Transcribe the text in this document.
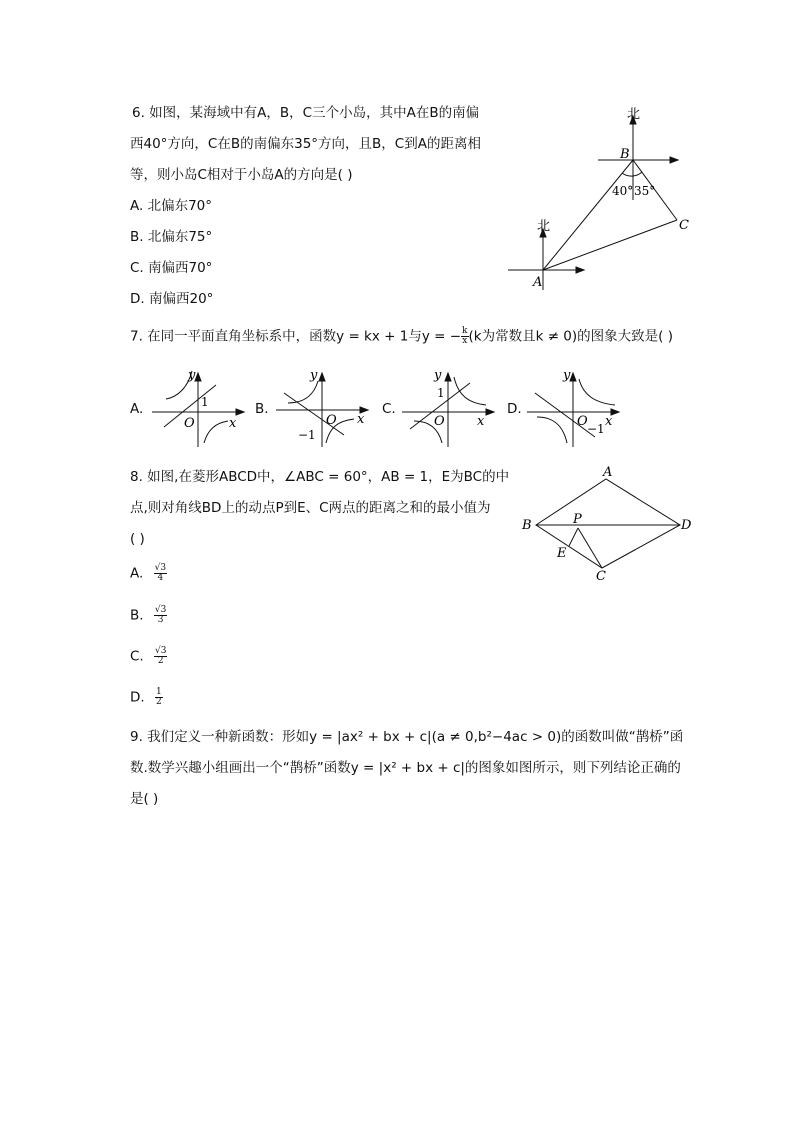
6. 如图，某海域中有A，B，C三个小岛，其中A在B的南偏
西40°方向，C在B的南偏东35°方向，且B，C到A的距离相
等，则小岛C相对于小岛A的方向是( )
A. 北偏东70°
B. 北偏东75°
C. 南偏西70°
D. 南偏西20°
北
北
B
A
C
40° 35°
7. 在同一平面直角坐标系中，函数y = kx + 1与y = − $\frac{k}{x} (k$为常数且k ≠ 0)的图象大致是( )
A.
y
1
O	x
B.
y
O x
−1
C.
y
1
O x
D.
y
O −1 x
8. 如图,在菱形ABCD中，∠ABC = 60°，AB = 1，E为BC的中
点,则对角线BD上的动点P到E、C两点的距离之和的最小值为
( )
A. $\frac{√3}{4}$
B. $\frac{√3}{3}$
C. $\frac{√3}{2}$
D. $\frac{1}{2}$
A
B	D
C
E
P
9. 我们定义一种新函数：形如y = |ax² + bx + c|(a ≠ 0,b²−4ac > 0)的函数叫做“鹊桥”函
数.数学兴趣小组画出一个“鹊桥”函数y = |x² + bx + c|的图象如图所示，则下列结论正确的
是( )
